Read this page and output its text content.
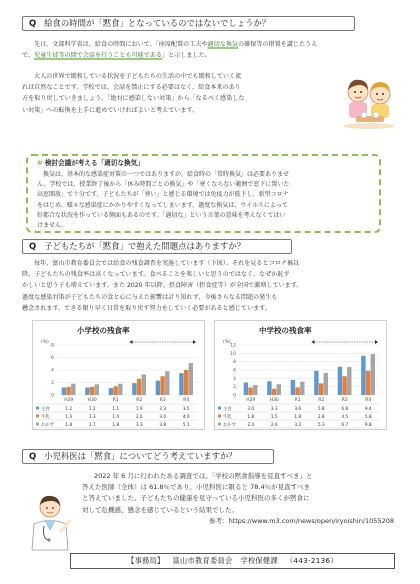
Q 給食の時間が「黙食」となっているのではないでしょうか？
先日、文部科学省は、給食の時間において、「座席配置の工夫や適切な換気の確保等の措置を講じたうえ
で、児童生徒等の間で会話を行うことも可能である」と示しました。
大人の世界で緩和している状況を子どもたちの生活の中でも緩和していく流
れは自然なことです。学校では、会話を禁止にする必要はなく、給食本来のあり
方を取り戻していきましょう。「絶対に感染しない対策」から「なるべく感染しな
い対策」への転換を上手に進めていければよいと考えています。
✻ 検討会議が考える「適切な換気」
換気は、基本的な感染症対策の一つではありますが、給食時の「常時換気」は必要ありませ
ん。学校では、授業終了後から「休み時間ごとの換気」や「寒くならない範囲で窓下に置いた
高窓開放」で十分です。子どもたちが「寒い」と感じる環境では免疫力が低下し、新型コロナ
をはじめ、様々な感染症にかかりやすくなってしまいます。過度な換気は、ウイルスによって
好都合な状況を作っている側面もあるのです。「適切な」という言葉の意味を考えなくてはい
けません。
Q 子どもたちが「黙食」で抱えた問題点はありますか？
毎年、富山市教育委員会では給食の残食調査を実施しています（下図）。それを見るとコロナ禍以
降、子どもたちの残食率は高くなっています。食べることを楽しいと思うのではなく、なぜか恥ず
かしいと思う子も増えています。また 2020 年以降、摂食障害（拒食症等）が全国で激増しています。
過度な感染対策が子どもたちの食と心に与えた影響は計り知れず、今後さらなる問題の発生も
懸念されます。できる限り早く日常を取り戻す努力をしていく必要があると感じています。
小学校の残食率
(%)
0
2
4
6
8
H29	H30	R1	R2	R3	R4
主食	1.2	1.2	1.1	1.9	2.3	3.5
牛乳	1.3	1.3	1.4	2.6	3.0	4.0
おかず	1.8	1.7	1.8	3.3	3.8	5.1
中学校の残食率
(%)
0
2
4
6
8
10
12
H29	H30	R1	R2	R3	R4
主食	3.0	3.3	3.6	5.8	6.8	9.4
牛乳	1.8	1.5	1.8	2.8	4.5	5.8
おかず	2.4	2.6	3.2	5.3	6.7	9.8
Q 小児科医は「黙食」についてどう考えていますか？
2022 年 6 月に行われたある調査では、「学校の黙食指導を見直すべき」と
答えた医師（全体）は 61.8％であり、小児科医に限ると 78.4％が見直すべき
と答えていました。子どもたちの健康を見守っている小児科医の多くが黙食に
対して危機感、懸念を感じているという結果でした。
参考：https://www.m3.com/news/open/iryoishin/1055208
【事務局】 富山市教育委員会 学校保健課 （443-2136）
